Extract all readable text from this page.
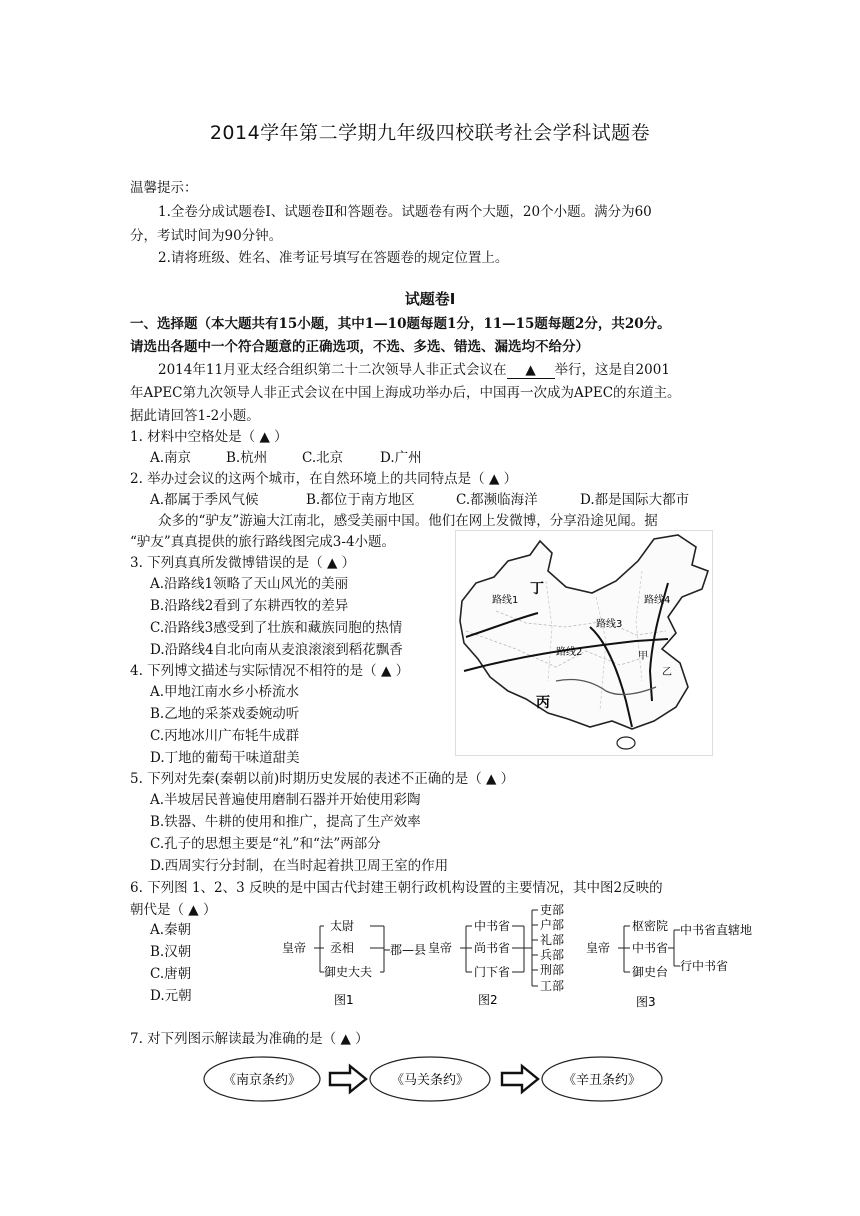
2014学年第二学期九年级四校联考社会学科试题卷
温馨提示：
1.全卷分成试题卷Ⅰ、试题卷Ⅱ和答题卷。试题卷有两个大题，20个小题。满分为60
分，考试时间为90分钟。
2.请将班级、姓名、准考证号填写在答题卷的规定位置上。
试题卷Ⅰ
一、选择题（本大题共有15小题，其中1—10题每题1分，11—15题每题2分，共20分。
请选出各题中一个符合题意的正确选项，不选、多选、错选、漏选均不给分）
2014年11月亚太经合组织第二十二次领导人非正式会议在 ▲ 举行，这是自2001
年APEC第九次领导人非正式会议在中国上海成功举办后，中国再一次成为APEC的东道主。
据此请回答1-2小题。
1. 材料中空格处是（ ▲ ）
A.南京	B.杭州	C.北京	D.广州
2. 举办过会议的这两个城市，在自然环境上的共同特点是（ ▲ ）
A.都属于季风气候	B.都位于南方地区	C.都濒临海洋	D.都是国际大都市
众多的“驴友”游遍大江南北，感受美丽中国。他们在网上发微博，分享沿途见闻。据
“驴友”真真提供的旅行路线图完成3-4小题。
3. 下列真真所发微博错误的是（ ▲ ）
A.沿路线1领略了天山风光的美丽
B.沿路线2看到了东耕西牧的差异
C.沿路线3感受到了壮族和藏族同胞的热情
D.沿路线4自北向南从麦浪滚滚到稻花飘香
4. 下列博文描述与实际情况不相符的是（ ▲ ）
A.甲地江南水乡小桥流水
B.乙地的采茶戏委婉动听
C.丙地冰川广布牦牛成群
D.丁地的葡萄干味道甜美
路线1
路线2
路线3
路线4
丁
丙
甲
乙
5. 下列对先秦(秦朝以前)时期历史发展的表述不正确的是（ ▲ ）
A.半坡居民普遍使用磨制石器并开始使用彩陶
B.铁器、牛耕的使用和推广，提高了生产效率
C.孔子的思想主要是“礼”和“法”两部分
D.西周实行分封制，在当时起着拱卫周王室的作用
6. 下列图 1、2、3 反映的是中国古代封建王朝行政机构设置的主要情况，其中图2反映的
朝代是（ ▲ ）
A.秦朝
B.汉朝
C.唐朝
D.元朝
皇帝
太尉
丞相
御史大夫
郡—县
图1
皇帝
中书省
尚书省
门下省
吏部
户部
礼部
兵部
刑部
工部
图2
皇帝
枢密院
中书省
御史台
中书省直辖地
行中书省
图3
7. 对下列图示解读最为准确的是（ ▲ ）
《南京条约》	《马关条约》	《辛丑条约》
